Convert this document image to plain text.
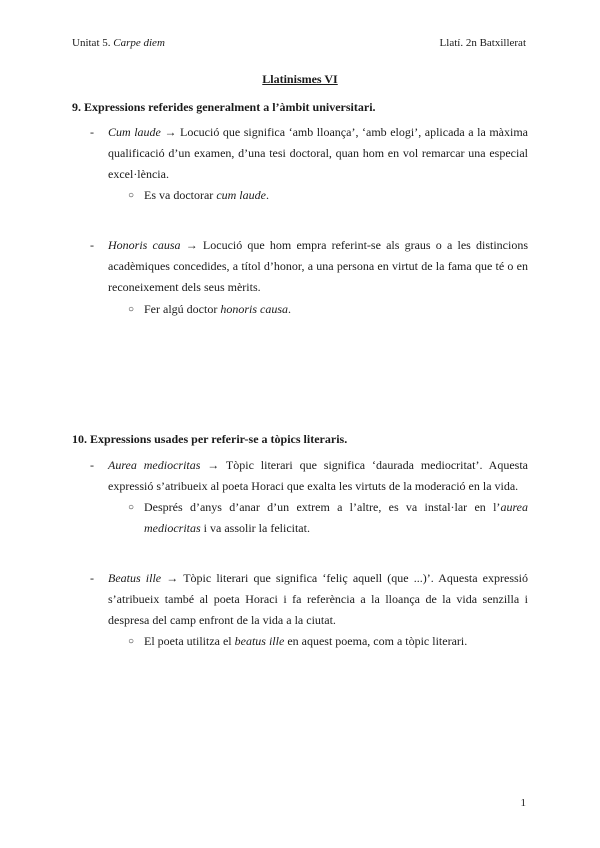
Unitat 5. Carpe diem	Llatí. 2n Batxillerat
Llatinismes VI
9. Expressions referides generalment a l’àmbit universitari.
- Cum laude → Locució que significa ‘amb lloança’, ‘amb elogi’, aplicada a la màxima qualificació d’un examen, d’una tesi doctoral, quan hom en vol remarcar una especial excel·lència.
○ Es va doctorar cum laude.
- Honoris causa → Locució que hom empra referint-se als graus o a les distincions acadèmiques concedides, a títol d’honor, a una persona en virtut de la fama que té o en reconeixement dels seus mèrits.
○ Fer algú doctor honoris causa.
10. Expressions usades per referir-se a tòpics literaris.
- Aurea mediocritas → Tòpic literari que significa ‘daurada mediocritat’. Aquesta expressió s’atribueix al poeta Horaci que exalta les virtuts de la moderació en la vida.
○ Després d’anys d’anar d’un extrem a l’altre, es va instal·lar en l’aurea mediocritas i va assolir la felicitat.
- Beatus ille → Tòpic literari que significa ‘feliç aquell (que ...)’. Aquesta expressió s’atribueix també al poeta Horaci i fa referència a la lloança de la vida senzilla i despresa del camp enfront de la vida a la ciutat.
○ El poeta utilitza el beatus ille en aquest poema, com a tòpic literari.
1
